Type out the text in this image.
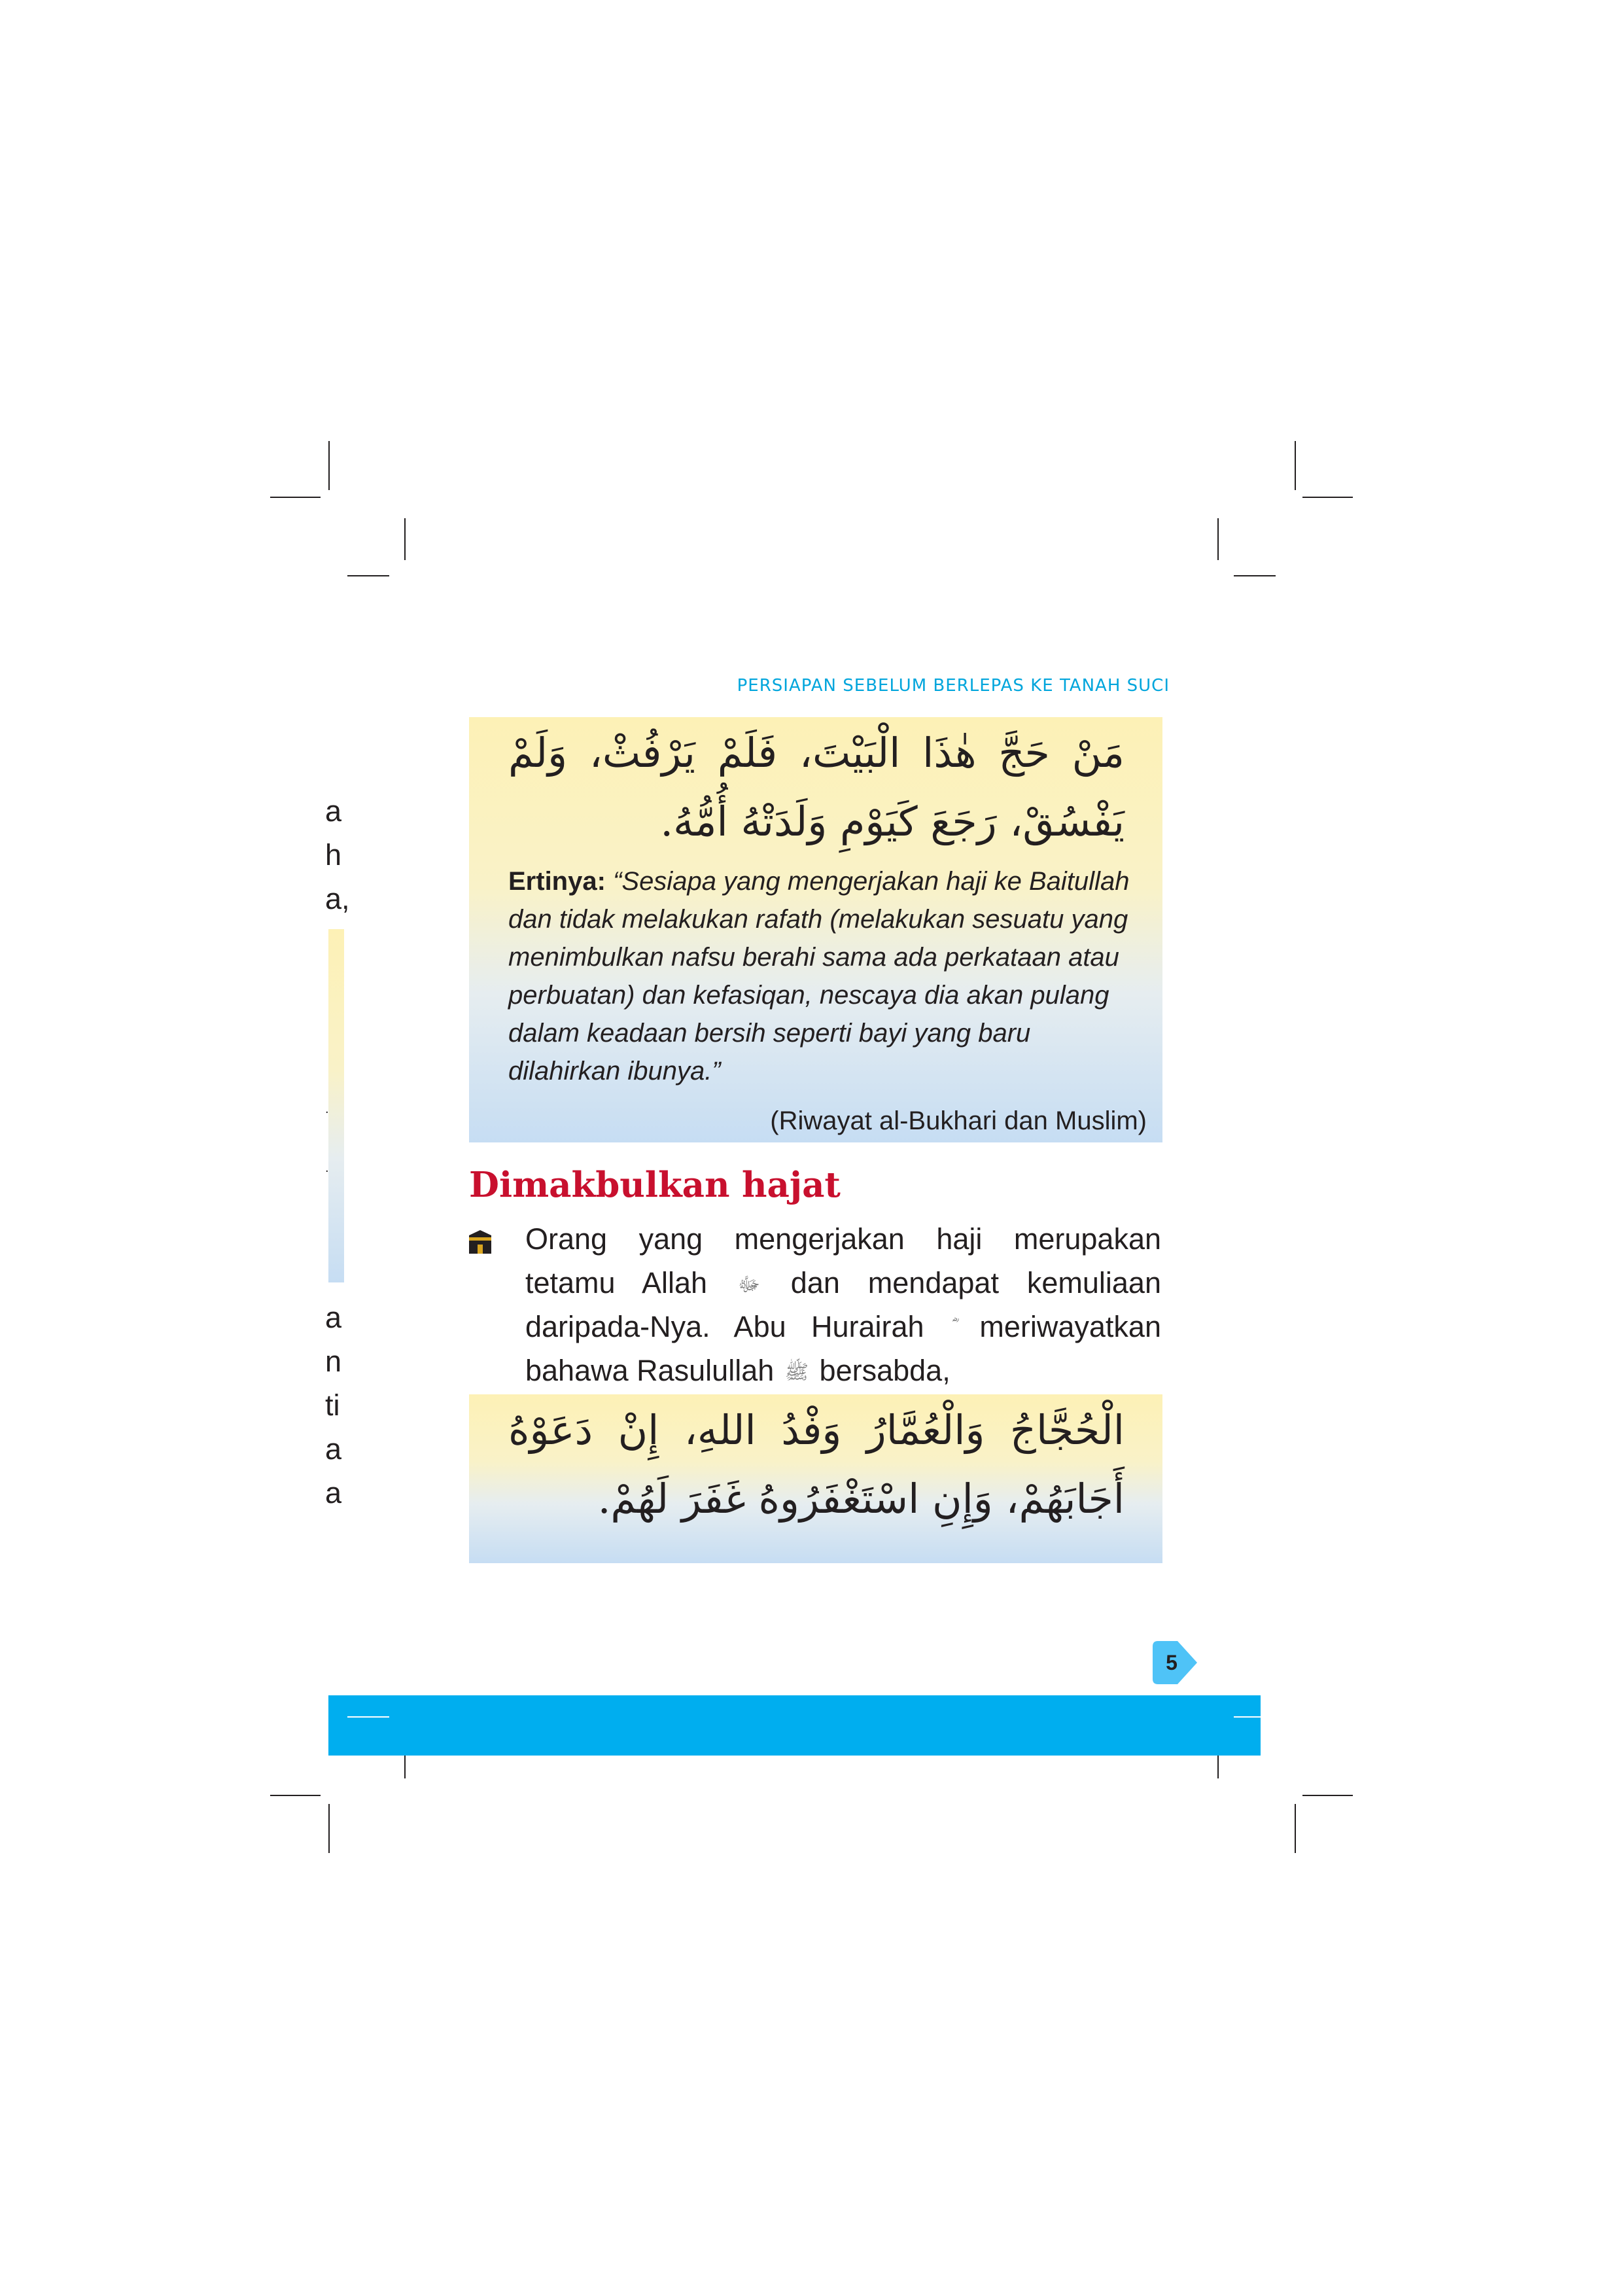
PERSIAPAN SEBELUM BERLEPAS KE TANAH SUCI
a
h
a,
.
.
a
n
ti
a
a
مَنْ حَجَّ هٰذَا الْبَيْتَ، فَلَمْ يَرْفُثْ، وَلَمْ يَفْسُقْ، رَجَعَ كَيَوْمِ وَلَدَتْهُ أُمُّهُ.
Ertinya: “Sesiapa yang mengerjakan haji ke Baitullah dan tidak melakukan rafath (melakukan sesuatu yang menimbulkan nafsu berahi sama ada perkataan atau perbuatan) dan kefasiqan, nescaya dia akan pulang dalam keadaan bersih seperti bayi yang baru dilahirkan ibunya.”
(Riwayat al-Bukhari dan Muslim)
Dimakbulkan hajat
Orang yang mengerjakan haji merupakan tetamu Allah ﷻ dan mendapat kemuliaan daripada-Nya. Abu Hurairah meriwayatkan bahawa Rasulullah ﷺ bersabda,
الْحُجَّاجُ وَالْعُمَّارُ وَفْدُ اللهِ، إِنْ دَعَوْهُ أَجَابَهُمْ، وَإِنِ اسْتَغْفَرُوهُ غَفَرَ لَهُمْ.
5
